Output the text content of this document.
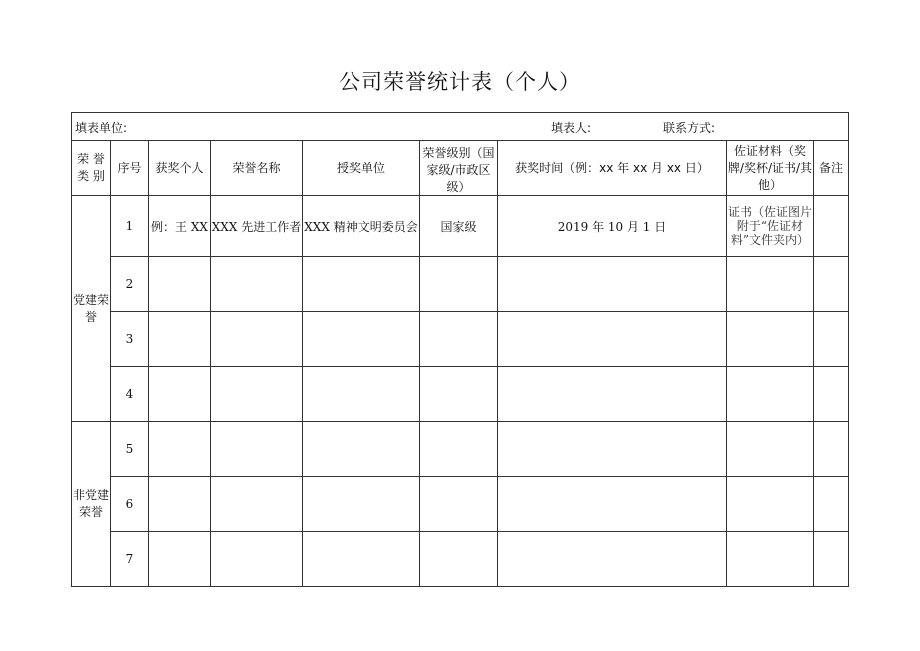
公司荣誉统计表（个人）
填表单位: 填表人: 联系方式:								

荣 誉 类 别	序号	获奖个人	荣誉名称	授奖单位	荣誉级别（国家级/市政区级）	获奖时间（例：xx 年 xx 月 xx 日）	佐证材料（奖牌/奖杯/证书/其他）	备注
党建荣誉	1	例：王 XX	XXX 先进工作者	XXX 精神文明委员会	国家级	2019 年 10 月 1 日	证书（佐证图片附于“佐证材料”文件夹内）	
	2							
	3							
	4							
非党建荣誉	5							
	6							
	7							
